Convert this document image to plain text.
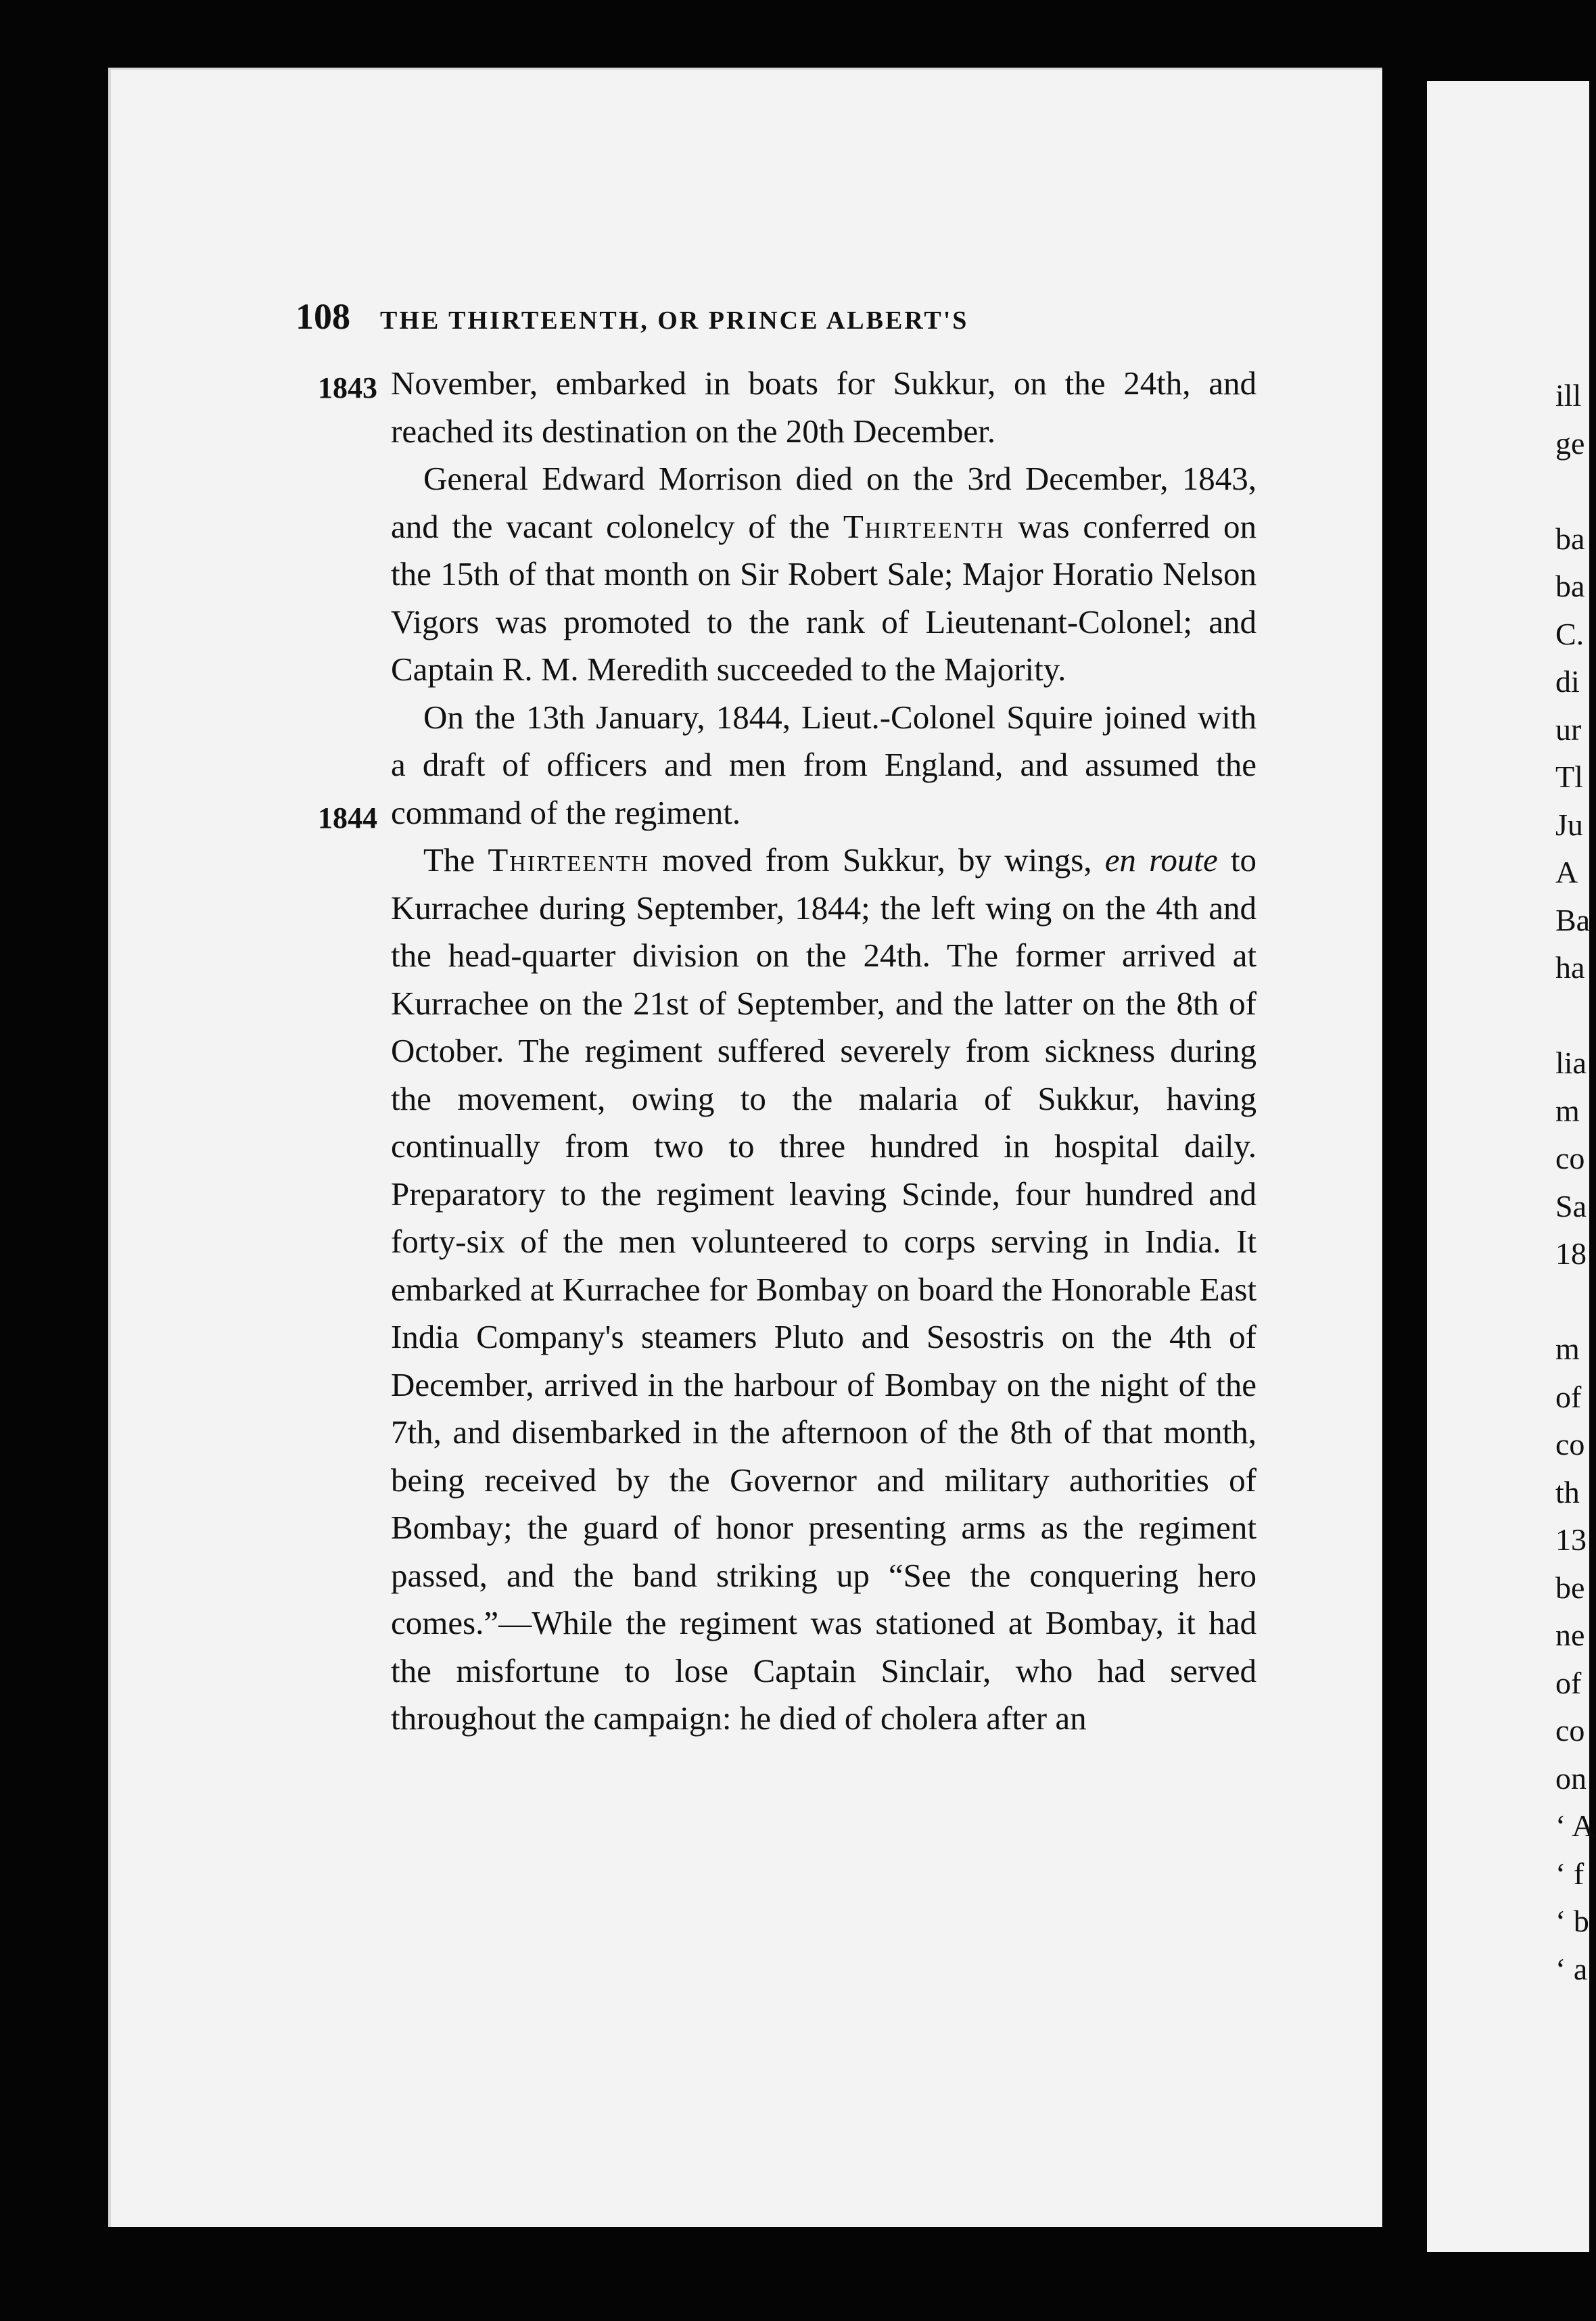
108 THE THIRTEENTH, OR PRINCE ALBERT'S
1843
1844

November, embarked in boats for Sukkur, on the 24th, and reached its destination on the 20th December.

General Edward Morrison died on the 3rd December, 1843, and the vacant colonelcy of the Thirteenth was conferred on the 15th of that month on Sir Robert Sale; Major Horatio Nelson Vigors was promoted to the rank of Lieutenant-Colonel; and Captain R. M. Meredith succeeded to the Majority.

On the 13th January, 1844, Lieut.-Colonel Squire joined with a draft of officers and men from England, and assumed the command of the regiment.

The Thirteenth moved from Sukkur, by wings, en route to Kurrachee during September, 1844; the left wing on the 4th and the head-quarter division on the 24th. The former arrived at Kurrachee on the 21st of September, and the latter on the 8th of October. The regiment suffered severely from sickness during the movement, owing to the malaria of Sukkur, having continually from two to three hundred in hospital daily. Preparatory to the regiment leaving Scinde, four hundred and forty-six of the men volunteered to corps serving in India. It embarked at Kurrachee for Bombay on board the Honorable East India Company's steamers Pluto and Sesostris on the 4th of December, arrived in the harbour of Bombay on the night of the 7th, and disembarked in the afternoon of the 8th of that month, being received by the Governor and military authorities of Bombay; the guard of honor presenting arms as the regiment passed, and the band striking up “See the conquering hero comes.”—While the regiment was stationed at Bombay, it had the misfortune to lose Captain Sinclair, who had served throughout the campaign: he died of cholera after an

ill
ge

ba
ba
C.
di
ur
Tl
Ju
A
Ba
ha

lia
m
co
Sa
18

m
of
co
th
13
be
ne
of
co
on
‘ A
‘ f
‘ b
‘ a
